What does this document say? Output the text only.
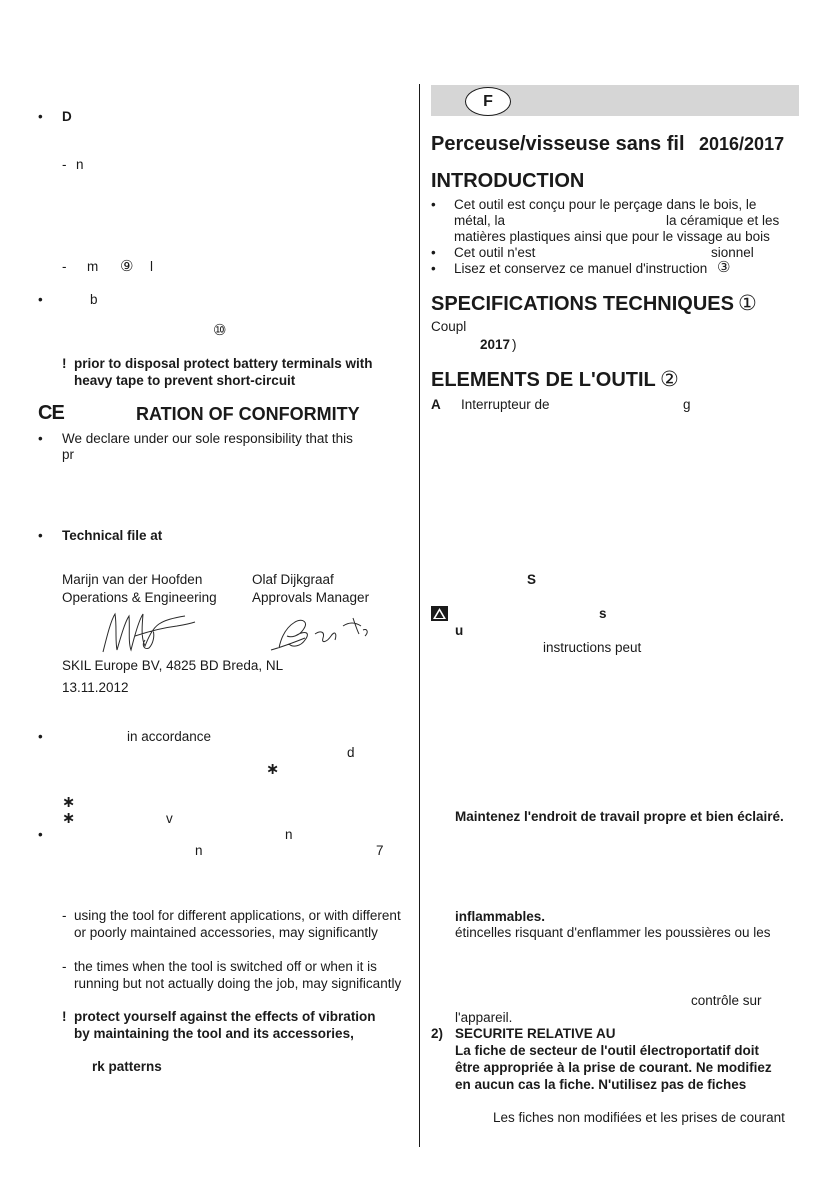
• D
- n
- m ⑨ l
•	b
⑩
! prior to disposal protect battery terminals with
heavy tape to prevent short-circuit
CE	RATION OF CONFORMITY
• We declare under our sole responsibility that this
pr
• Technical file at
Marijn van der Hoofden
Operations & Engineering
Olaf Dijkgraaf
Approvals Manager
SKIL Europe BV, 4825 BD Breda, NL
13.11.2012
•	in accordance
d
∗
∗
∗	v
•	n
n	7
- using the tool for different applications, or with different
or poorly maintained accessories, may significantly
- the times when the tool is switched off or when it is
running but not actually doing the job, may significantly
! protect yourself against the effects of vibration
by maintaining the tool and its accessories,
rk patterns
F
Perceuse/visseuse sans fil 2016/2017
INTRODUCTION
• Cet outil est conçu pour le perçage dans le bois, le
métal, la	la céramique et les
matières plastiques ainsi que pour le vissage au bois
• Cet outil n'est	sionnel
• Lisez et conservez ce manuel d'instruction ③
SPECIFICATIONS TECHNIQUES ①
Coupl
2017 )
ELEMENTS DE L'OUTIL ②
A Interrupteur de	g
S
s
u
instructions peut
Maintenez l'endroit de travail propre et bien éclairé.
inflammables.
étincelles risquant d'enflammer les poussières ou les
contrôle sur
l'appareil.
2) SECURITE RELATIVE AU
La fiche de secteur de l'outil électroportatif doit
être appropriée à la prise de courant. Ne modifiez
en aucun cas la fiche. N'utilisez pas de fiches
Les fiches non modifiées et les prises de courant
